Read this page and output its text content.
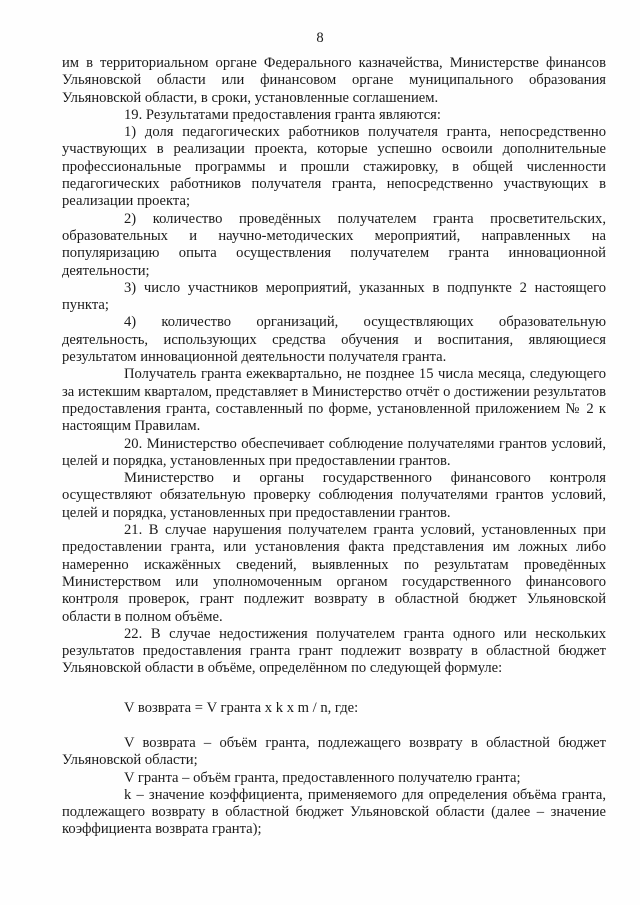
8

им в территориальном органе Федерального казначейства, Министерстве финансов Ульяновской области или финансовом органе муниципального образования Ульяновской области, в сроки, установленные соглашением.

19. Результатами предоставления гранта являются:

1) доля педагогических работников получателя гранта, непосредственно участвующих в реализации проекта, которые успешно освоили дополнительные профессиональные программы и прошли стажировку, в общей численности педагогических работников получателя гранта, непосредственно участвующих в реализации проекта;

2) количество проведённых получателем гранта просветительских, образовательных и научно-методических мероприятий, направленных на популяризацию опыта осуществления получателем гранта инновационной деятельности;

3) число участников мероприятий, указанных в подпункте 2 настоящего пункта;

4) количество организаций, осуществляющих образовательную деятельность, использующих средства обучения и воспитания, являющиеся результатом инновационной деятельности получателя гранта.

Получатель гранта ежеквартально, не позднее 15 числа месяца, следующего за истекшим кварталом, представляет в Министерство отчёт о достижении результатов предоставления гранта, составленный по форме, установленной приложением № 2 к настоящим Правилам.

20. Министерство обеспечивает соблюдение получателями грантов условий, целей и порядка, установленных при предоставлении грантов.

Министерство и органы государственного финансового контроля осуществляют обязательную проверку соблюдения получателями грантов условий, целей и порядка, установленных при предоставлении грантов.

21. В случае нарушения получателем гранта условий, установленных при предоставлении гранта, или установления факта представления им ложных либо намеренно искажённых сведений, выявленных по результатам проведённых Министерством или уполномоченным органом государственного финансового контроля проверок, грант подлежит возврату в областной бюджет Ульяновской области в полном объёме.

22. В случае недостижения получателем гранта одного или нескольких результатов предоставления гранта грант подлежит возврату в областной бюджет Ульяновской области в объёме, определённом по следующей формуле:

V возврата = V гранта x k x m / n, где:

V возврата – объём гранта, подлежащего возврату в областной бюджет Ульяновской области;

V гранта – объём гранта, предоставленного получателю гранта;

k – значение коэффициента, применяемого для определения объёма гранта, подлежащего возврату в областной бюджет Ульяновской области (далее – значение коэффициента возврата гранта);
